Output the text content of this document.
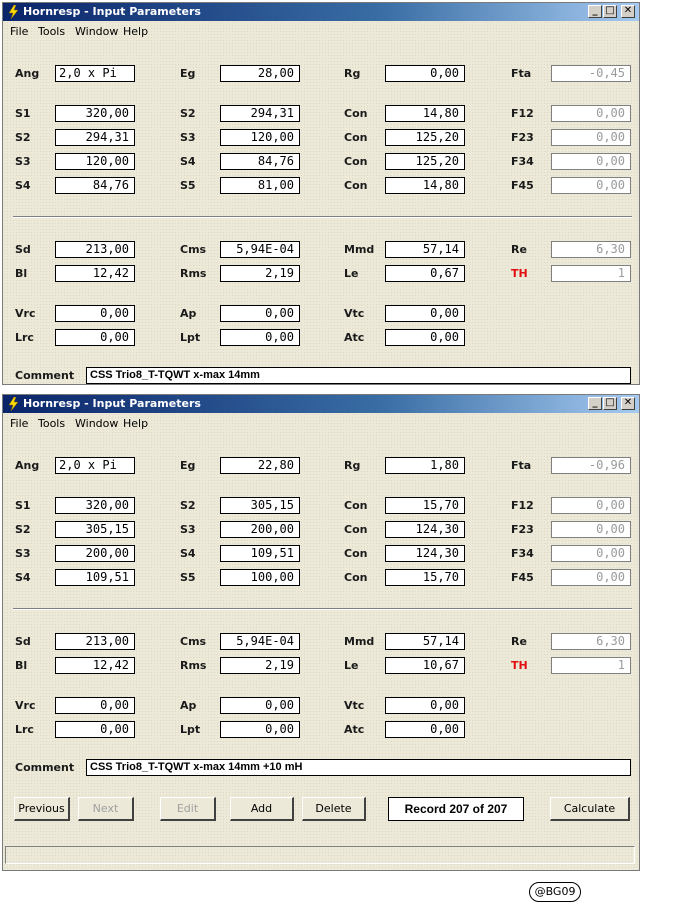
Hornresp - Input Parameters	_ □ ✕
File Tools Window Help
Comment	CSS Trio8_T-TQWT x-max 14mm
Ang	2,0 x Pi	Eg	28,00	Rg	0,00	Fta	-0,45
S1	320,00	S2	294,31	Con	14,80	F12	0,00
S2	294,31	S3	120,00	Con	125,20	F23	0,00
S3	120,00	S4	84,76	Con	125,20	F34	0,00
S4	84,76	S5	81,00	Con	14,80	F45	0,00
Sd	213,00	Cms	5,94E-04	Mmd	57,14	Re	6,30
Bl	12,42	Rms	2,19	Le	0,67	TH	1
Vrc	0,00	Ap	0,00	Vtc	0,00
Lrc	0,00	Lpt	0,00	Atc	0,00
Hornresp - Input Parameters	_ □ ✕
File Tools Window Help
Comment	CSS Trio8_T-TQWT x-max 14mm +10 mH
Ang	2,0 x Pi	Eg	22,80	Rg	1,80	Fta	-0,96
S1	320,00	S2	305,15	Con	15,70	F12	0,00
S2	305,15	S3	200,00	Con	124,30	F23	0,00
S3	200,00	S4	109,51	Con	124,30	F34	0,00
S4	109,51	S5	100,00	Con	15,70	F45	0,00
Sd	213,00	Cms	5,94E-04	Mmd	57,14	Re	6,30
Bl	12,42	Rms	2,19	Le	10,67	TH	1
Vrc	0,00	Ap	0,00	Vtc	0,00
Lrc	0,00	Lpt	0,00	Atc	0,00
Previous	Next	Edit	Add	Delete	Record 207 of 207	Calculate
@BG09
